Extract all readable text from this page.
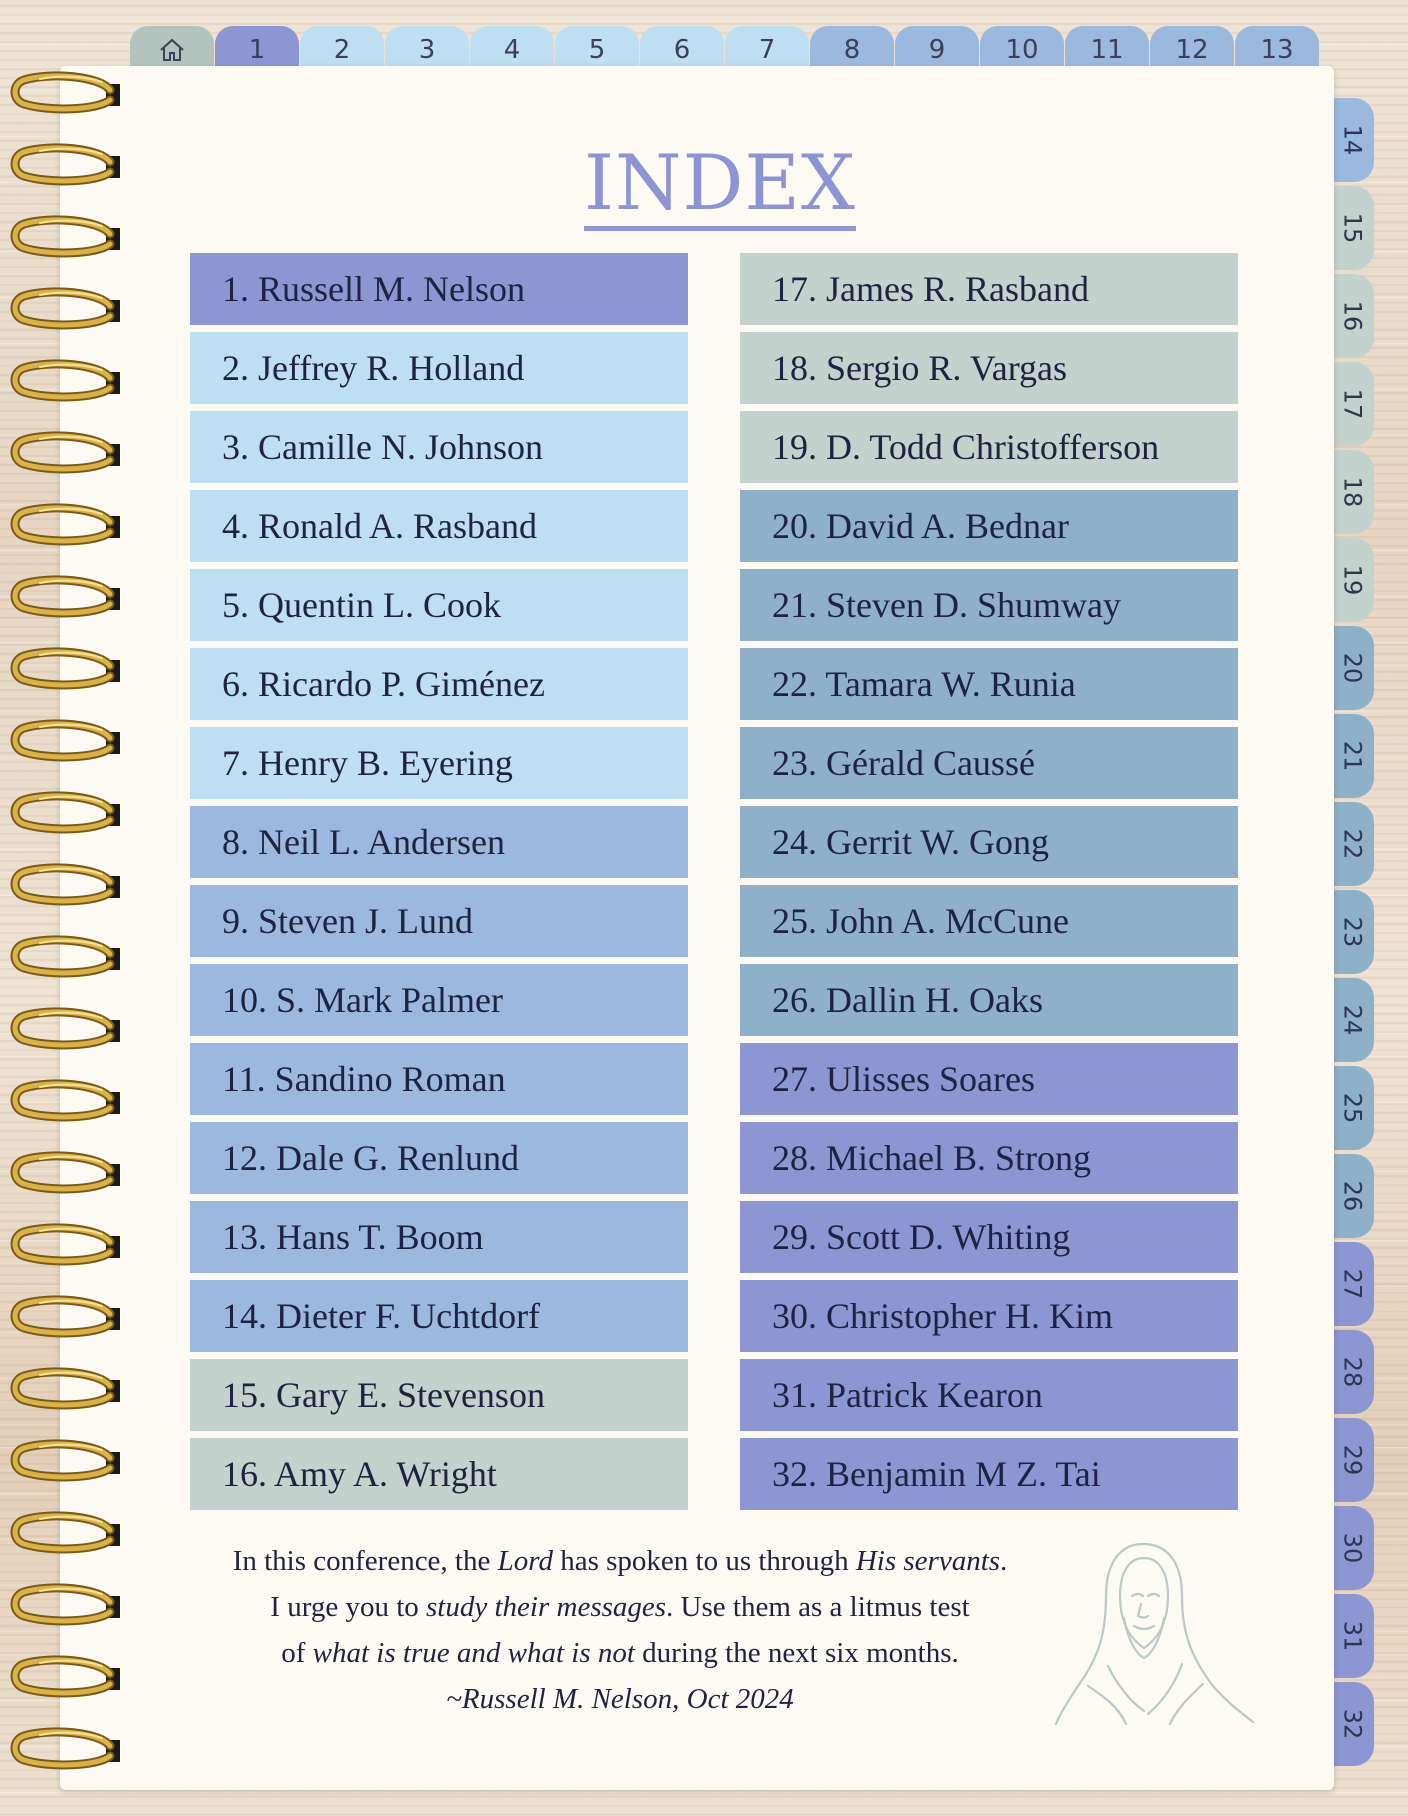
1	2	3	4	5	6	7	8	9 10 11 12 13
14
15
16
17
18
19
20
21
22
23
24
25
26
27
28
29
30
31
32
INDEX
1. Russell M. Nelson
2. Jeffrey R. Holland
3. Camille N. Johnson
4. Ronald A. Rasband
5. Quentin L. Cook
6. Ricardo P. Giménez
7. Henry B. Eyering
8. Neil L. Andersen
9. Steven J. Lund
10. S. Mark Palmer
11. Sandino Roman
12. Dale G. Renlund
13. Hans T. Boom
14. Dieter F. Uchtdorf
15. Gary E. Stevenson
16. Amy A. Wright
17. James R. Rasband
18. Sergio R. Vargas
19. D. Todd Christofferson
20. David A. Bednar
21. Steven D. Shumway
22. Tamara W. Runia
23. Gérald Caussé
24. Gerrit W. Gong
25. John A. McCune
26. Dallin H. Oaks
27. Ulisses Soares
28. Michael B. Strong
29. Scott D. Whiting
30. Christopher H. Kim
31. Patrick Kearon
32. Benjamin M Z. Tai
In this conference, the Lord has spoken to us through His servants.
I urge you to study their messages. Use them as a litmus test
of what is true and what is not during the next six months.
~Russell M. Nelson, Oct 2024
